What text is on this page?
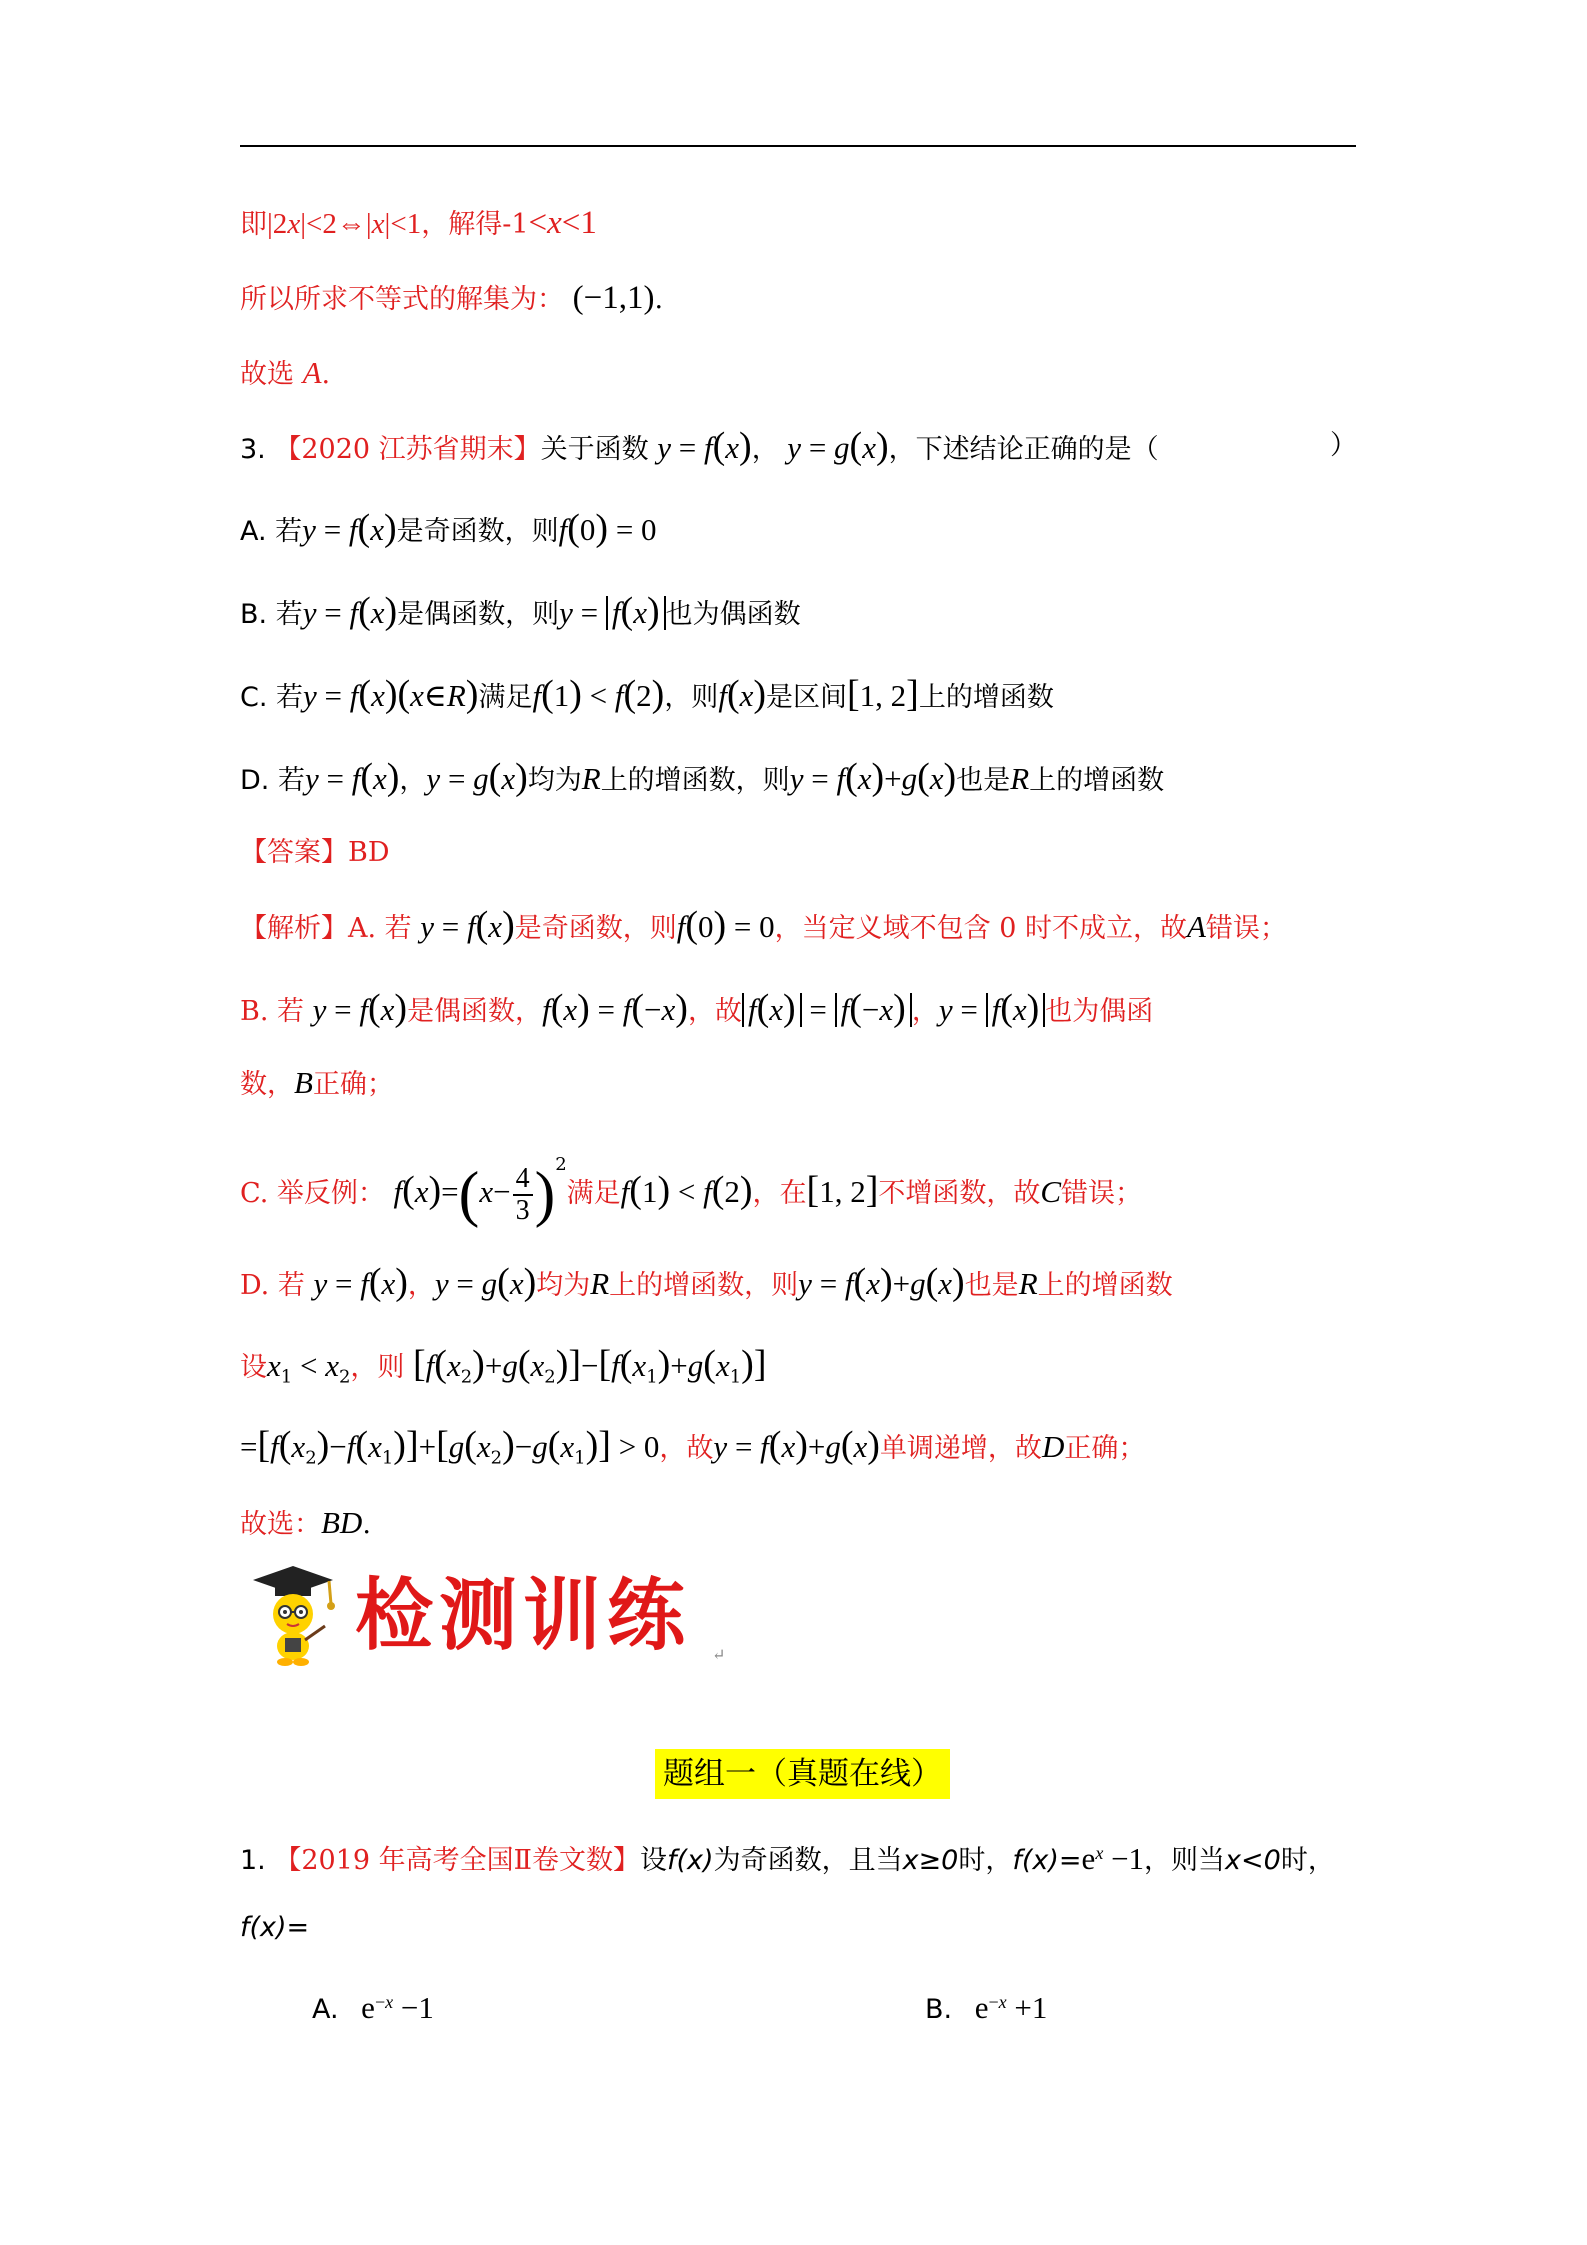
即|2x|<2⇔|x|<1，解得-1<x<1
所以所求不等式的解集为： (−1,1).
故选 A.
3. 【2020 江苏省期末】关于函数 y = f(x)， y = g(x)，下述结论正确的是（	）
A. 若y = f(x)是奇函数，则f(0) = 0
B. 若y = f(x)是偶函数，则y = f(x) 也为偶函数
C. 若y = f(x)(x∈R)满足f(1) < f(2)，则f(x)是区间[1, 2]上的增函数
D. 若y = f(x)，y = g(x)均为R上的增函数，则y = f(x)+g(x)也是R上的增函数
【答案】BD
【解析】A. 若 y = f(x)是奇函数，则f(0) = 0，当定义域不包含 0 时不成立，故A错误；
B. 若 y = f(x)是偶函数，f(x) = f(−x)，故 f(x) = f(−x) ，y = f(x) 也为偶函
数，B正确；
C. 举反例： $f(x)=(x- \frac{4}{3} )^2$满足f(1) < f(2)，在[1, 2]不增函数，故C错误；
D. 若 y = f(x)，y = g(x)均为R上的增函数，则y = f(x)+g(x)也是R上的增函数
设$x_1 < x_2$，则 $[f(x_2)+g(x_2)]-[f(x_1)+g(x_1)]$
$=[f(x_2)-f(x_1)]+[g(x_2)-g(x_1)] > 0$，故y = f(x)+g(x)单调递增，故D正确；
故选：BD.
检测训练 ↵
题组一（真题在线）
1. 【2019 年高考全国Ⅱ卷文数】设f(x)为奇函数，且当x≥0时，$f(x)=e^x -1$，则当x<0时，
f(x)=
A. $e^{-x} -1$	B. $e^{-x} +1$
